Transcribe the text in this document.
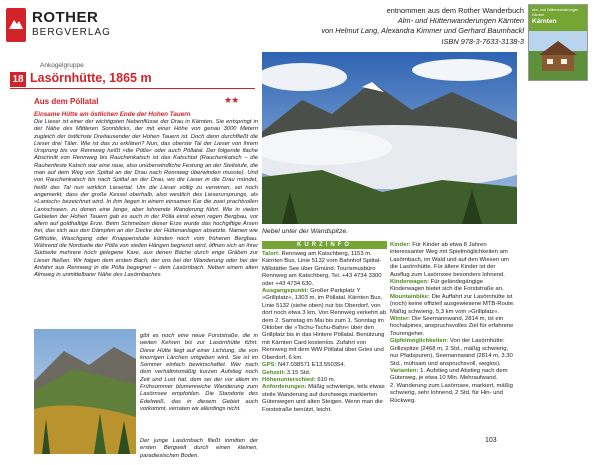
ROTHER
BERGVERLAG
entnommen aus dem Rother Wanderbuch
Alm- und Hüttenwanderungen Kärnten
von Helmut Lang, Alexandra Kimmer und Gerhard Baumhackl
ISBN 978-3-7633-3138-3
Alm- und Hüttenwanderungen Kärnten
Kärnten
Ankogelgruppe
18 Lasörnhütte, 1865 m
Aus dem Pöllatal	★★
Einsame Hütte am östlichen Ende der Hohen Tauern

Die Lieser ist einer der wichtigsten Nebenflüsse der Drau in Kärnten. Sie entspringt in der Nähe des Mittleren Sonnblicks, der mit einer Höhe von genau 3000 Metern zugleich der östlichste Dreitausender der Hohen Tauern ist. Doch dann durchfließt die Lieser drei Täler. Wie ist das zu erklären? Nun, das oberste Tal der Lieser von ihrem Ursprung bis vor Rennweg heißt »die Pölla« oder auch Pöllatal. Der folgende flache Abschnitt von Rennweg bis Rauchenkatsch ist das Katschtal (Rauchenkatsch – die Rauhenfeste Katsch war eine raue, also unüberwindliche Festung an der Steilstufe, die man auf dem Weg von Spittal an der Drau nach Rennweg überwinden musste). Und von Rauchenkatsch bis nach Spittal an der Drau, wo die Lieser in die Drau mündet, heißt das Tal nun wirklich Liesertal. Um die Lieser völlig zu verwirren, sei noch angemerkt, dass der große Kessel oberhalb, also westlich des Lieserursprungs, als »Lanisch« bezeichnet wird. In ihm liegen in einem einsamen Kar die zwei prachtvollen Lanischseen, zu denen eine lange, aber lohnende Wanderung führt. Wie in vielen Gebieten der Hohen Tauern gab es auch in der Pölla einst einen regen Bergbau, vor allem auf goldhaltige Erze. Beim Schmelzen dieser Erze wurde das hochgiftige Arsen frei, das sich aus den Dämpfen an der Decke der Hüttenanlagen absetzte. Namen wie Gifthütte, Waschgang oder Knappenstube künden noch vom früheren Bergbau. Während die Nordseite der Pölla von steilen Hängen begrenzt wird, öffnen sich an ihrer Südseite mehrere hoch gelegene Kare, aus denen Bäche durch enge Gräben zur Lieser fließen. Wir folgen dem ersten Bach, der uns bei der Wanderung oder bei der Anfahrt aus Rennweg in die Pölla begegnet – dem Lasörnbach. Neben einem alten Almweg in unmittelbarer Nähe des Lasörnbaches

gibt es noch eine neue Forststraße, die in weiten Kehren bis zur Lasörnhütte führt. Diese Hütte liegt auf einer Lichtung, die von knorrigen Lärchen umgeben wird. Sie ist im Sommer einfach bewirtschaftet. Wer nach dem verhältnismäßig kurzen Aufstieg noch Zeit und Lust hat, dem sei der vor allem im Frühsommer blumenreiche Wanderung zum Lasörnsee empfohlen. Die Standorte des Edelweiß, das in diesem Gebiet auch vorkommt, verraten wir allerdings nicht.
Der junge Lasörnbach fließt inmitten der ersten Bergwelt durch einen kleinen, paradiesischen Boden.
Nebel unter der Wandspitze.
KURZINFO

Talort: Rennweg am Katschberg, 1153 m. Kärnten Bus, Linie 5132 vom Bahnhof Spittal-Millstätter See über Gmünd. Tourismusbüro Rennweg am Katschberg, Tel. +43 4734 3300 oder +43 4734 630.

Ausgangspunkt: Großer Parkplatz Y »Grillplatz«, 1303 m, im Pöllatal. Kärnten Bus, Linie 5132 (siehe oben) nur bis Oberdorf, von dort noch etwa 3 km. Von Rennweg verkehrt ab dem 2. Samstag im Mai bis zum 1. Sonntag im Oktober die »Tschu-Tschu-Bahn« über den Grillplatz bis in das Hintere Pöllatal. Benützung mit Kärnten Card kostenlos. Zufahrt von Rennweg mit dem WW Pöllatal über Gries und Oberdorf, 6 km.

GPS: N47.038571 E13.550354.

Gehzeit: 3.15 Std.

Höhenunterschied: 610 m.

Anforderungen: Mäßig schwierige, teils etwas steile Wanderung auf durchwegs markierten Güterwegen und alten Steigen. Wenn man die Forststraße benützt, leicht.

Kinder: Für Kinder ab etwa 8 Jahren interessanter Weg mit Spielmöglichkeiten am Lasörnbach, im Wald und auf den Wiesen um die Lasörnhütte. Für ältere Kinder ist der Ausflug zum Lasörnsee besonders lohnend.

Kinderwagen: Für geländegängige Kinderwagen bietet sich die Forststraße an.

Mountainbike: Die Auffahrt zur Lasörnhütte ist (noch) keine offiziell ausgewiesene MTB-Route. Mäßig schwierig, 5,3 km vom »Grillplatz«.

Winter: Die Seemannwand, 2814 m, ist ein hochalpines, anspruchsvolles Ziel für erfahrene Tourengeher.

Gipfelmöglichkeiten: Von der Lasörnhütte: Grillzspitze (2468 m, 2 Std., mäßig schwierig, nur Pfadspuren), Seemannwand (2814 m, 3.30 Std., mühsam und anspruchsvoll, weglos).

Varianten: 1. Aufstieg und Abstieg nach dem Güterweg, je etwa 10 Min. Mehraufwand.

2. Wanderung zum Lasörnsee, markiert, mäßig schwierig, sehr lohnend, 2 Std. für Hin- und Rückweg.

103
